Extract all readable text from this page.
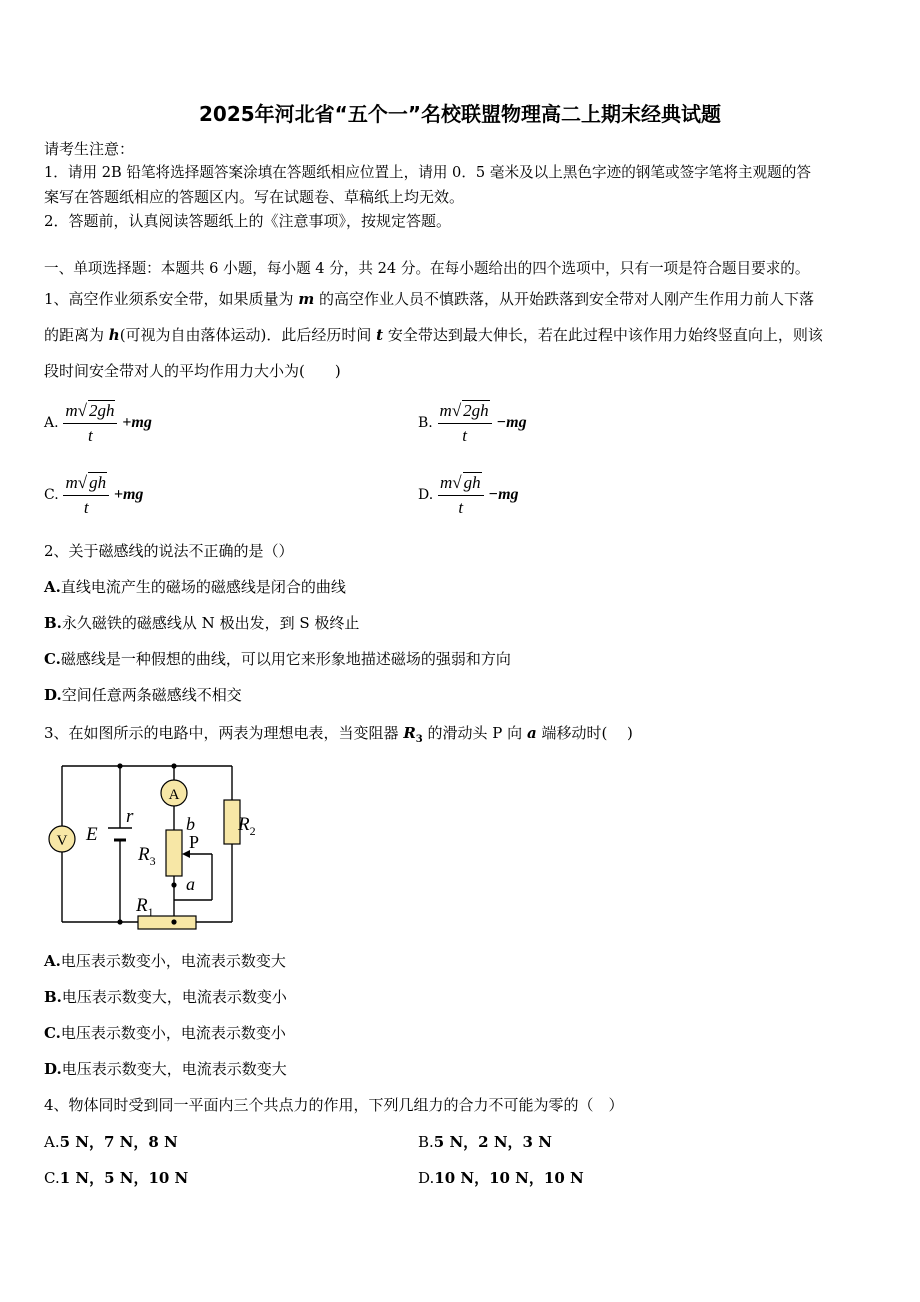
2025年河北省“五个一”名校联盟物理高二上期末经典试题
请考生注意：
1．请用 2B 铅笔将选择题答案涂填在答题纸相应位置上，请用 0．5 毫米及以上黑色字迹的钢笔或签字笔将主观题的答
案写在答题纸相应的答题区内。写在试题卷、草稿纸上均无效。
2．答题前，认真阅读答题纸上的《注意事项》，按规定答题。
一、单项选择题：本题共 6 小题，每小题 4 分，共 24 分。在每小题给出的四个选项中，只有一项是符合题目要求的。
1、高空作业须系安全带，如果质量为 m 的高空作业人员不慎跌落，从开始跌落到安全带对人刚产生作用力前人下落
的距离为 h(可视为自由落体运动)．此后经历时间 t 安全带达到最大伸长，若在此过程中该作用力始终竖直向上，则该
段时间安全带对人的平均作用力大小为(　　)
A. $\frac{m√ 2gh}{t} +mg$	B. $\frac{m√ 2gh}{t} -mg$
C. $\frac{m√ gh}{t} +mg$	D. $\frac{m√ gh}{t} -mg$
2、关于磁感线的说法不正确的是（）
A.直线电流产生的磁场的磁感线是闭合的曲线
B.永久磁铁的磁感线从 N 极出发，到 S 极终止
C.磁感线是一种假想的曲线，可以用它来形象地描述磁场的强弱和方向
D.空间任意两条磁感线不相交
3、在如图所示的电路中，两表为理想电表，当变阻器 $R_3$ 的滑动头 P 向 a 端移动时(　 )
V
A
E
r
$R_3$
$R_2$
$R_1$
b
P
a
A.电压表示数变小，电流表示数变大
B.电压表示数变大，电流表示数变小
C.电压表示数变小，电流表示数变小
D.电压表示数变大，电流表示数变大
4、物体同时受到同一平面内三个共点力的作用，下列几组力的合力不可能为零的（　）
A.5 N，7 N，8 N	B.5 N，2 N，3 N
C.1 N，5 N，10 N	D.10 N，10 N，10 N
